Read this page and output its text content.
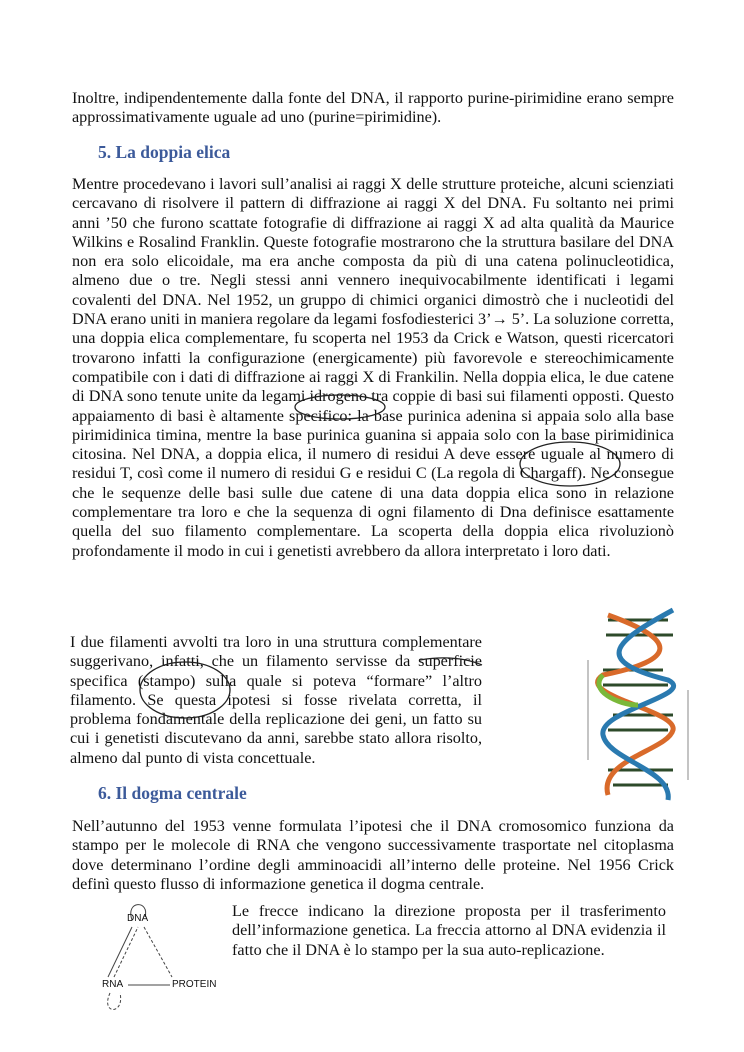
Inoltre, indipendentemente dalla fonte del DNA, il rapporto purine-pirimidine erano sempre approssimativamente uguale ad uno (purine=pirimidine).

5. La doppia elica

Mentre procedevano i lavori sull’analisi ai raggi X delle strutture proteiche, alcuni scienziati cercavano di risolvere il pattern di diffrazione ai raggi X del DNA. Fu soltanto nei primi anni ’50 che furono scattate fotografie di diffrazione ai raggi X ad alta qualità da Maurice Wilkins e Rosalind Franklin. Queste fotografie mostrarono che la struttura basilare del DNA non era solo elicoidale, ma era anche composta da più di una catena polinucleotidica, almeno due o tre. Negli stessi anni vennero inequivocabilmente identificati i legami covalenti del DNA. Nel 1952, un gruppo di chimici organici dimostrò che i nucleotidi del DNA erano uniti in maniera regolare da legami fosfodiesterici 3’→ 5’. La soluzione corretta, una doppia elica complementare, fu scoperta nel 1953 da Crick e Watson, questi ricercatori trovarono infatti la configurazione (energicamente) più favorevole e stereochimicamente compatibile con i dati di diffrazione ai raggi X di Frankilin. Nella doppia elica, le due catene di DNA sono tenute unite da legami idrogeno tra coppie di basi sui filamenti opposti. Questo appaiamento di basi è altamente specifico: la base purinica adenina si appaia solo alla base pirimidinica timina, mentre la base purinica guanina si appaia solo con la base pirimidinica citosina. Nel DNA, a doppia elica, il numero di residui A deve essere uguale al numero di residui T, così come il numero di residui G e residui C (La regola di Chargaff). Ne consegue che le sequenze delle basi sulle due catene di una data doppia elica sono in relazione complementare tra loro e che la sequenza di ogni filamento di Dna definisce esattamente quella del suo filamento complementare. La scoperta della doppia elica rivoluzionò profondamente il modo in cui i genetisti avrebbero da allora interpretato i loro dati.

I due filamenti avvolti tra loro in una struttura complementare suggerivano, infatti, che un filamento servisse da superficie specifica (stampo) sulla quale si poteva “formare” l’altro filamento. Se questa ipotesi si fosse rivelata corretta, il problema fondamentale della replicazione dei geni, un fatto su cui i genetisti discutevano da anni, sarebbe stato allora risolto, almeno dal punto di vista concettuale.

6. Il dogma centrale

Nell’autunno del 1953 venne formulata l’ipotesi che il DNA cromosomico funziona da stampo per le molecole di RNA che vengono successivamente trasportate nel citoplasma dove determinano l’ordine degli amminoacidi all’interno delle proteine. Nel 1956 Crick definì questo flusso di informazione genetica il dogma centrale.

DNA
RNA	PROTEIN

Le frecce indicano la direzione proposta per il trasferimento dell’informazione genetica. La freccia attorno al DNA evidenzia il fatto che il DNA è lo stampo per la sua auto-replicazione.
